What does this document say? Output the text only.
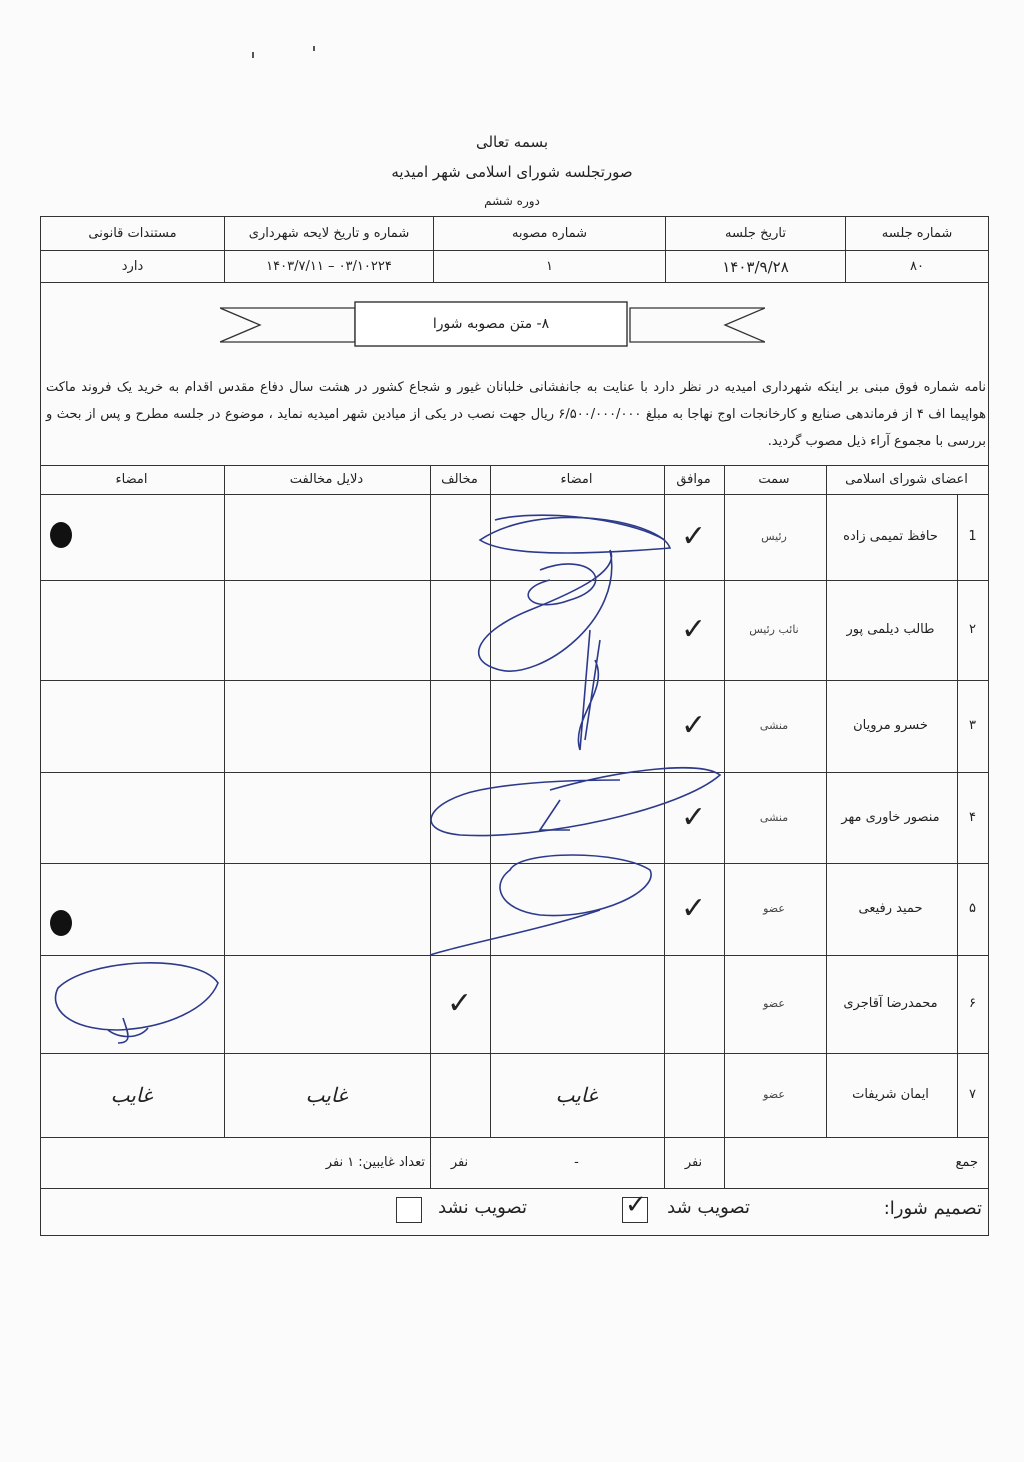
بسمه تعالی
صورتجلسه شورای اسلامی شهر امیدیه
دوره ششم
شماره جلسه
تاریخ جلسه
شماره مصوبه
شماره و تاریخ لایحه شهرداری
مستندات قانونی
۸۰
۱۴۰۳/۹/۲۸
۱
۰۳/۱۰۲۲۴ – ۱۴۰۳/۷/۱۱
دارد
۸- متن مصوبه شورا
نامه شماره فوق مبنی بر اینکه شهرداری امیدیه در نظر دارد با عنایت به جانفشانی خلبانان غیور و شجاع کشور در هشت سال دفاع مقدس اقدام به خرید یک فروند ماکت هواپیما اف ۴ از فرماندهی صنایع و کارخانجات اوج نهاجا به مبلغ ۶/۵۰۰/۰۰۰/۰۰۰ ریال جهت نصب در یکی از میادین شهر امیدیه نماید ، موضوع در جلسه مطرح و پس از بحث و بررسی با مجموع آراء ذیل مصوب گردید.
اعضای شورای اسلامی
سمت
موافق
امضاء
مخالف
دلایل مخالفت
امضاء
1
حافظ تمیمی زاده
رئیس
✓
۲
طالب دیلمی پور
نائب رئیس
✓
۳
خسرو مرویان
منشی
✓
۴
منصور خاوری مهر
منشی
✓
۵
حمید رفیعی
عضو
✓
۶
محمدرضا آقاجری
عضو
✓
۷
ایمان شریفات
عضو
غایب
غایب
غایب
جمع
نفر
-
نفر
تعداد غایبین:
۱ نفر
تصمیم شورا:
تصویب شد
✓
تصویب نشد
